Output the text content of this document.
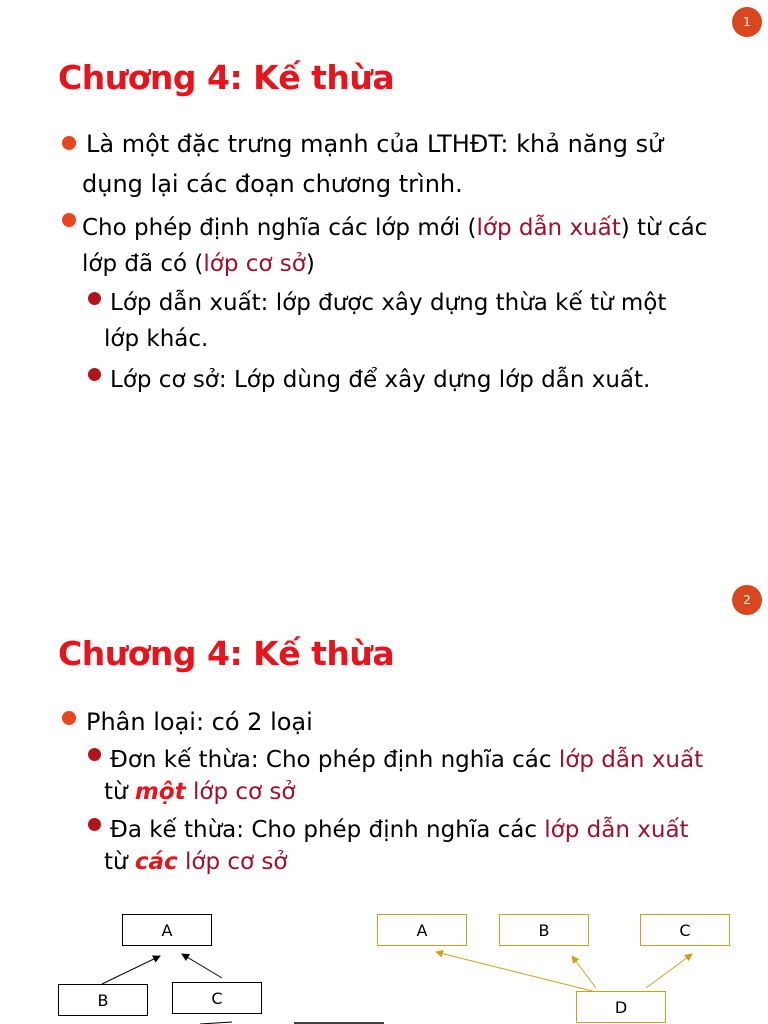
1
Chương 4: Kế thừa

Là một đặc trưng mạnh của LTHĐT: khả năng sử

dụng lại các đoạn chương trình.

Cho phép định nghĩa các lớp mới (lớp dẫn xuất) từ các

lớp đã có (lớp cơ sở)

Lớp dẫn xuất: lớp được xây dựng thừa kế từ một

lớp khác.

Lớp cơ sở: Lớp dùng để xây dựng lớp dẫn xuất.

2
Chương 4: Kế thừa

Phân loại: có 2 loại

Đơn kế thừa: Cho phép định nghĩa các lớp dẫn xuất

từ một lớp cơ sở

Đa kế thừa: Cho phép định nghĩa các lớp dẫn xuất

từ các lớp cơ sở

A
B	C
A	B	C
D
